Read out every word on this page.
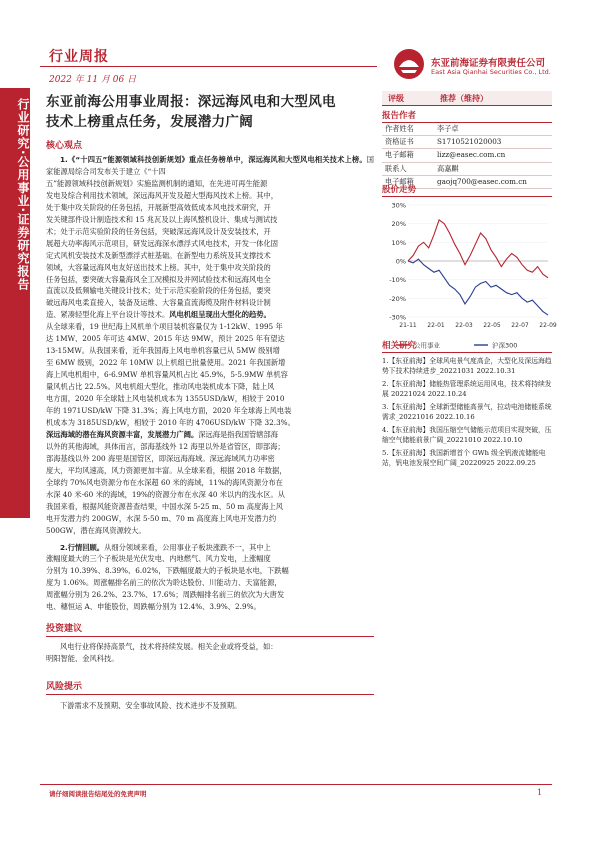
行业周报
2022 年 11 月 06 日
东亚前海证券有限责任公司
East Asia Qianhai Securities Co., Ltd.
行业研究·公用事业·证券研究报告 东亚前海公用事业周报：深远海风电和大型风电
技术上榜重点任务，发展潜力广阔
核心观点
1.《“十四五”能源领域科技创新规划》重点任务榜单中，深远海风和大型风电相关技术上榜。国家能源局综合司发布关于建立《“十四
五”能源领域科技创新规划》实施监测机制的通知，在先进可再生能源
发电及综合利用技术领域，深远海风开发及超大型海风技术上榜。其中，
处于集中攻关阶段的任务包括，开展新型高效低成本风电技术研究，开
发关键部件设计制造技术和 15 兆瓦及以上海风整机设计、集成与测试技
术；处于示范实验阶段的任务包括，突破深远海风设计及安装技术，开
展超大功率海风示范项目，研发远海深水漂浮式风电技术，开发一体化固
定式风机安装技术及新型漂浮式桩基础。在新型电力系统及其支撑技术
领域，大容量远海风电友好送出技术上榜。其中，处于集中攻关阶段的
任务包括，要突破大容量海风全工况模拟及并网试验技术和远海风电全
直流以及低频输电关键设计技术；处于示范实验阶段的任务包括，要突
破远海风电柔直接入，装备及运维、大容量直流海缆及附件材料设计制
造、紧凑轻型化海上平台设计等技术。风电机组呈现出大型化的趋势。
从全球来看，19 世纪海上风机单个项目装机容量仅为 1-12kW、1995 年
达 1MW、2005 年可达 4MW、2015 年达 9MW，预计 2025 年有望达
13-15MW。从我国来看，近年我国海上风电单机容量已从 5MW 级别增
至 6MW 级别，2022 年 10MW 以上机组已批量使用。2021 年我国新增
海上风电机组中，6-6.9MW 单机容量风机占比 45.9%，5-5.9MW 单机容
量风机占比 22.5%。风电机组大型化，推动风电装机成本下降，陆上风
电方面，2020 年全球陆上风电装机成本为 1355USD/kW，相较于 2010
年的 1971USD/kW 下降 31.3%；海上风电方面，2020 年全球海上风电装
机成本为 3185USD/kW，相较于 2010 年的 4706USD/kW 下降 32.3%。
深远海域的潜在海风资源丰富，发展潜力广阔。深远海是指我国管辖部海
以外的其他海域，具体而言，部海基线外 12 海里以外是省管区，即部海；
部海基线以外 200 海里是国管区，即深远海海域。深远海域风力功率密
度大，平均风速高，风力资源更加丰富。从全球来看，根据 2018 年数据，
全球约 70%风电资源分布在水深超 60 米的海域，11%的海风资源分布在
水深 40 米-60 米的海域，19%的资源分布在水深 40 米以内的浅水区。从
我国来看，根据风能资源普查结果，中国水深 5-25 m、50 m 高度海上风
电开发潜力约 200GW，水深 5-50 m、70 m 高度海上风电开发潜力约
500GW，潜在海风资源较大。
2.行情回顾。从细分领域来看，公用事业子板块涨跌不一，其中上
涨幅度最大的三个子板块是光伏发电、内地燃气、风力发电，上涨幅度
分别为 10.39%、8.39%、6.02%，下跌幅度最大的子板块是水电，下跌幅
度为 1.06%。周涨幅排名前三的依次为聆达股份、川能动力、天富能源，
周涨幅分别为 26.2%、23.7%、17.6%；周跌幅排名前三的依次为大唐发
电、穗恒运 A、申能股份，周跌幅分别为 12.4%、3.9%、2.9%。
投资建议
风电行业将保持高景气，技术将持续发展。相关企业或将受益，如：
明阳智能、金风科技。
风险提示
下游需求不及预期、安全事故风险、技术进步不及预期。
评级	推荐（维持）
报告作者
作者姓名	李子卓
资格证书	S1710521020003
电子邮箱	lizz@easec.com.cn
联系人	高嘉麒
电子邮箱	gaojq700@easec.com.cn
股价走势
30%
20%
10%
0%
-10%
-20%
-30%
21-11 22-01 22-03 22-05 22-07 22-09
公用事业	沪深300
相关研究
1.【东亚前海】全球风电景气度高企，大型化及深远海趋势下技术持续进步_20221031 2022.10.31
2.【东亚前海】储能热管理系统运用风电，技术将持续发展 20221024 2022.10.24
3.【东亚前海】全球新型储能高景气，拉动电池储能系统需求_20221016 2022.10.16
4.【东亚前海】我国压缩空气储能示范项目实现突破，压缩空气储能前景广阔_20221010 2022.10.10
5.【东亚前海】我国新增首个 GWh 级全钒液流储能电站，钒电池发展空间广阔_20220925 2022.09.25
请仔细阅读报告结尾处的免责声明	1
